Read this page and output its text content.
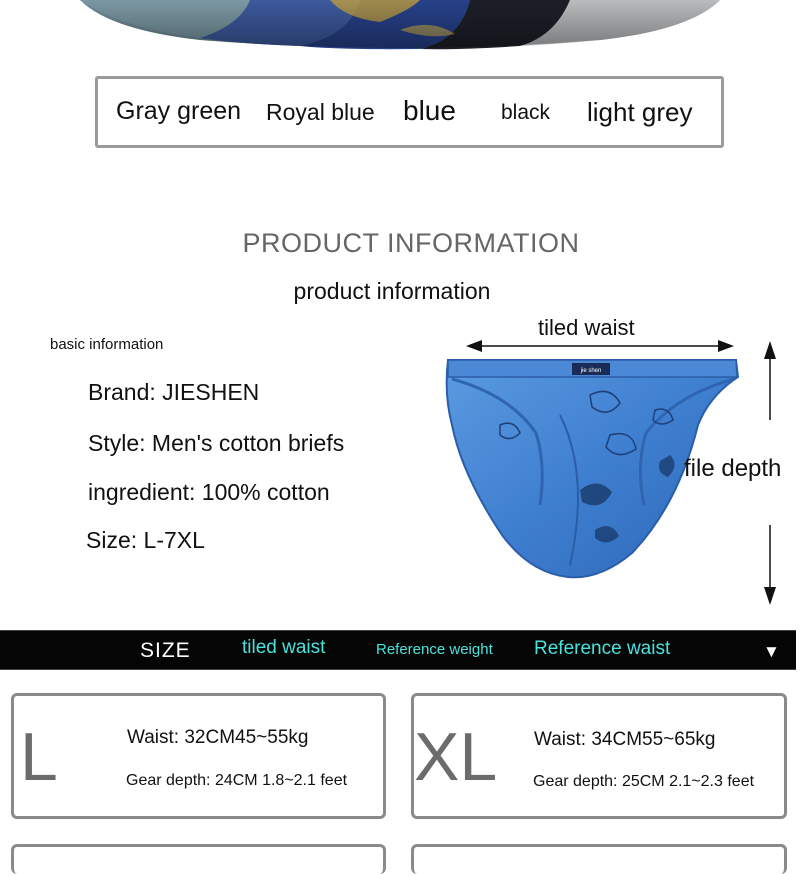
Gray green Royal blue blue black light grey
PRODUCT INFORMATION
product information
basic information
Brand: JIESHEN
Style: Men's cotton briefs
ingredient: 100% cotton
Size: L-7XL
jie shen
tiled waist
file depth
SIZE	tiled waist	Reference weight Reference waist	▼
L	Waist: 32CM45~55kg
Gear depth: 24CM 1.8~2.1 feet XL Waist: 34CM55~65kg
Gear depth: 25CM 2.1~2.3 feet
